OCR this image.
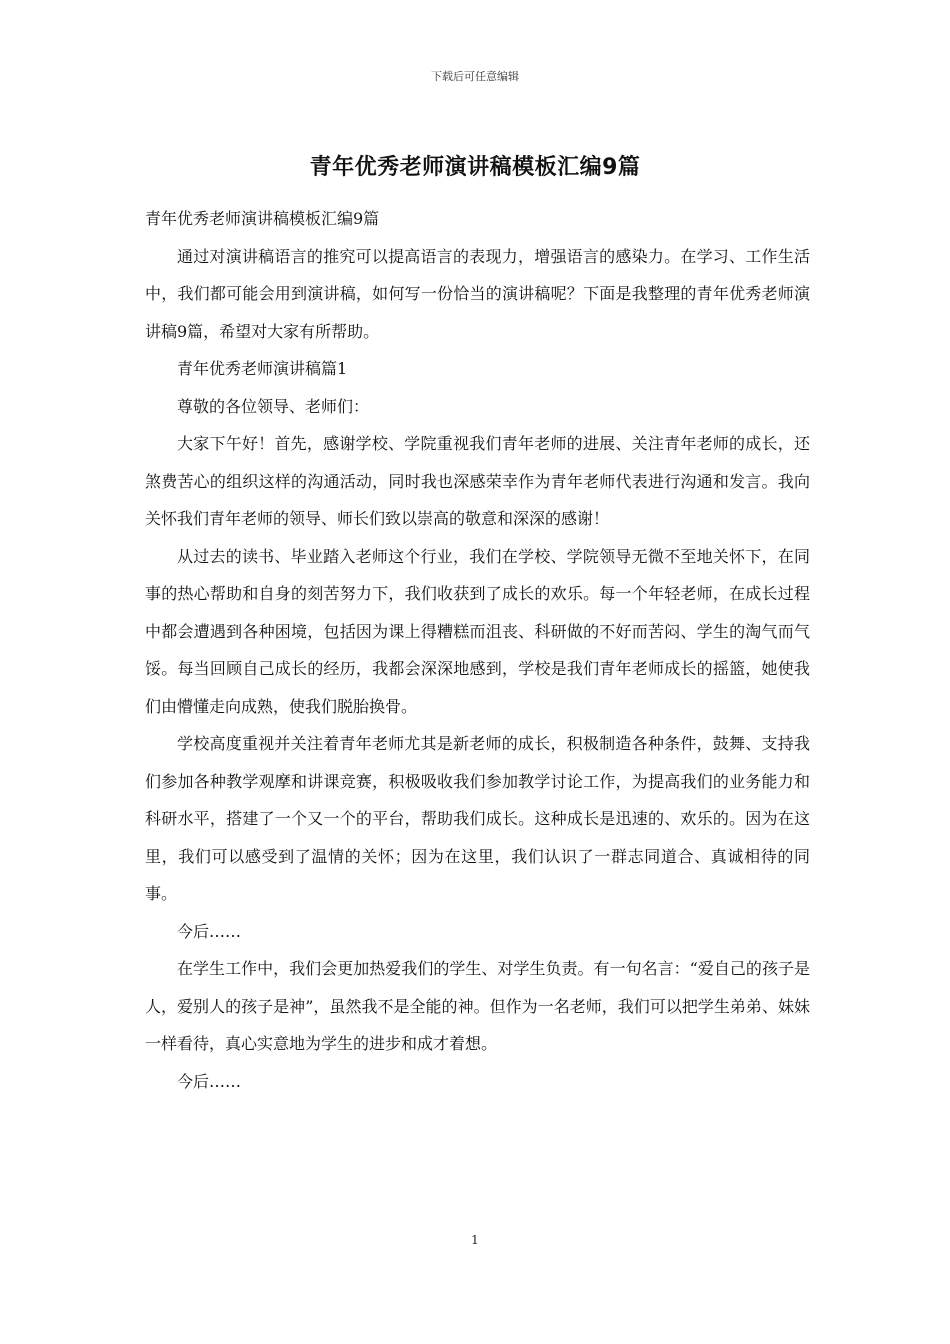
下载后可任意编辑
青年优秀老师演讲稿模板汇编9篇

青年优秀老师演讲稿模板汇编9篇

通过对演讲稿语言的推究可以提高语言的表现力，增强语言的感染力。在学习、工作生活中，我们都可能会用到演讲稿，如何写一份恰当的演讲稿呢？下面是我整理的青年优秀老师演讲稿9篇，希望对大家有所帮助。

青年优秀老师演讲稿篇1

尊敬的各位领导、老师们：

大家下午好！首先，感谢学校、学院重视我们青年老师的进展、关注青年老师的成长，还煞费苦心的组织这样的沟通活动，同时我也深感荣幸作为青年老师代表进行沟通和发言。我向关怀我们青年老师的领导、师长们致以崇高的敬意和深深的感谢！

从过去的读书、毕业踏入老师这个行业，我们在学校、学院领导无微不至地关怀下，在同事的热心帮助和自身的刻苦努力下，我们收获到了成长的欢乐。每一个年轻老师，在成长过程中都会遭遇到各种困境，包括因为课上得糟糕而沮丧、科研做的不好而苦闷、学生的淘气而气馁。每当回顾自己成长的经历，我都会深深地感到，学校是我们青年老师成长的摇篮，她使我们由懵懂走向成熟，使我们脱胎换骨。

学校高度重视并关注着青年老师尤其是新老师的成长，积极制造各种条件，鼓舞、支持我们参加各种教学观摩和讲课竞赛，积极吸收我们参加教学讨论工作，为提高我们的业务能力和科研水平，搭建了一个又一个的平台，帮助我们成长。这种成长是迅速的、欢乐的。因为在这里，我们可以感受到了温情的关怀；因为在这里，我们认识了一群志同道合、真诚相待的同事。

今后……

在学生工作中，我们会更加热爱我们的学生、对学生负责。有一句名言：“爱自己的孩子是人，爱别人的孩子是神”，虽然我不是全能的神。但作为一名老师，我们可以把学生弟弟、妹妹一样看待，真心实意地为学生的进步和成才着想。

今后……

1
